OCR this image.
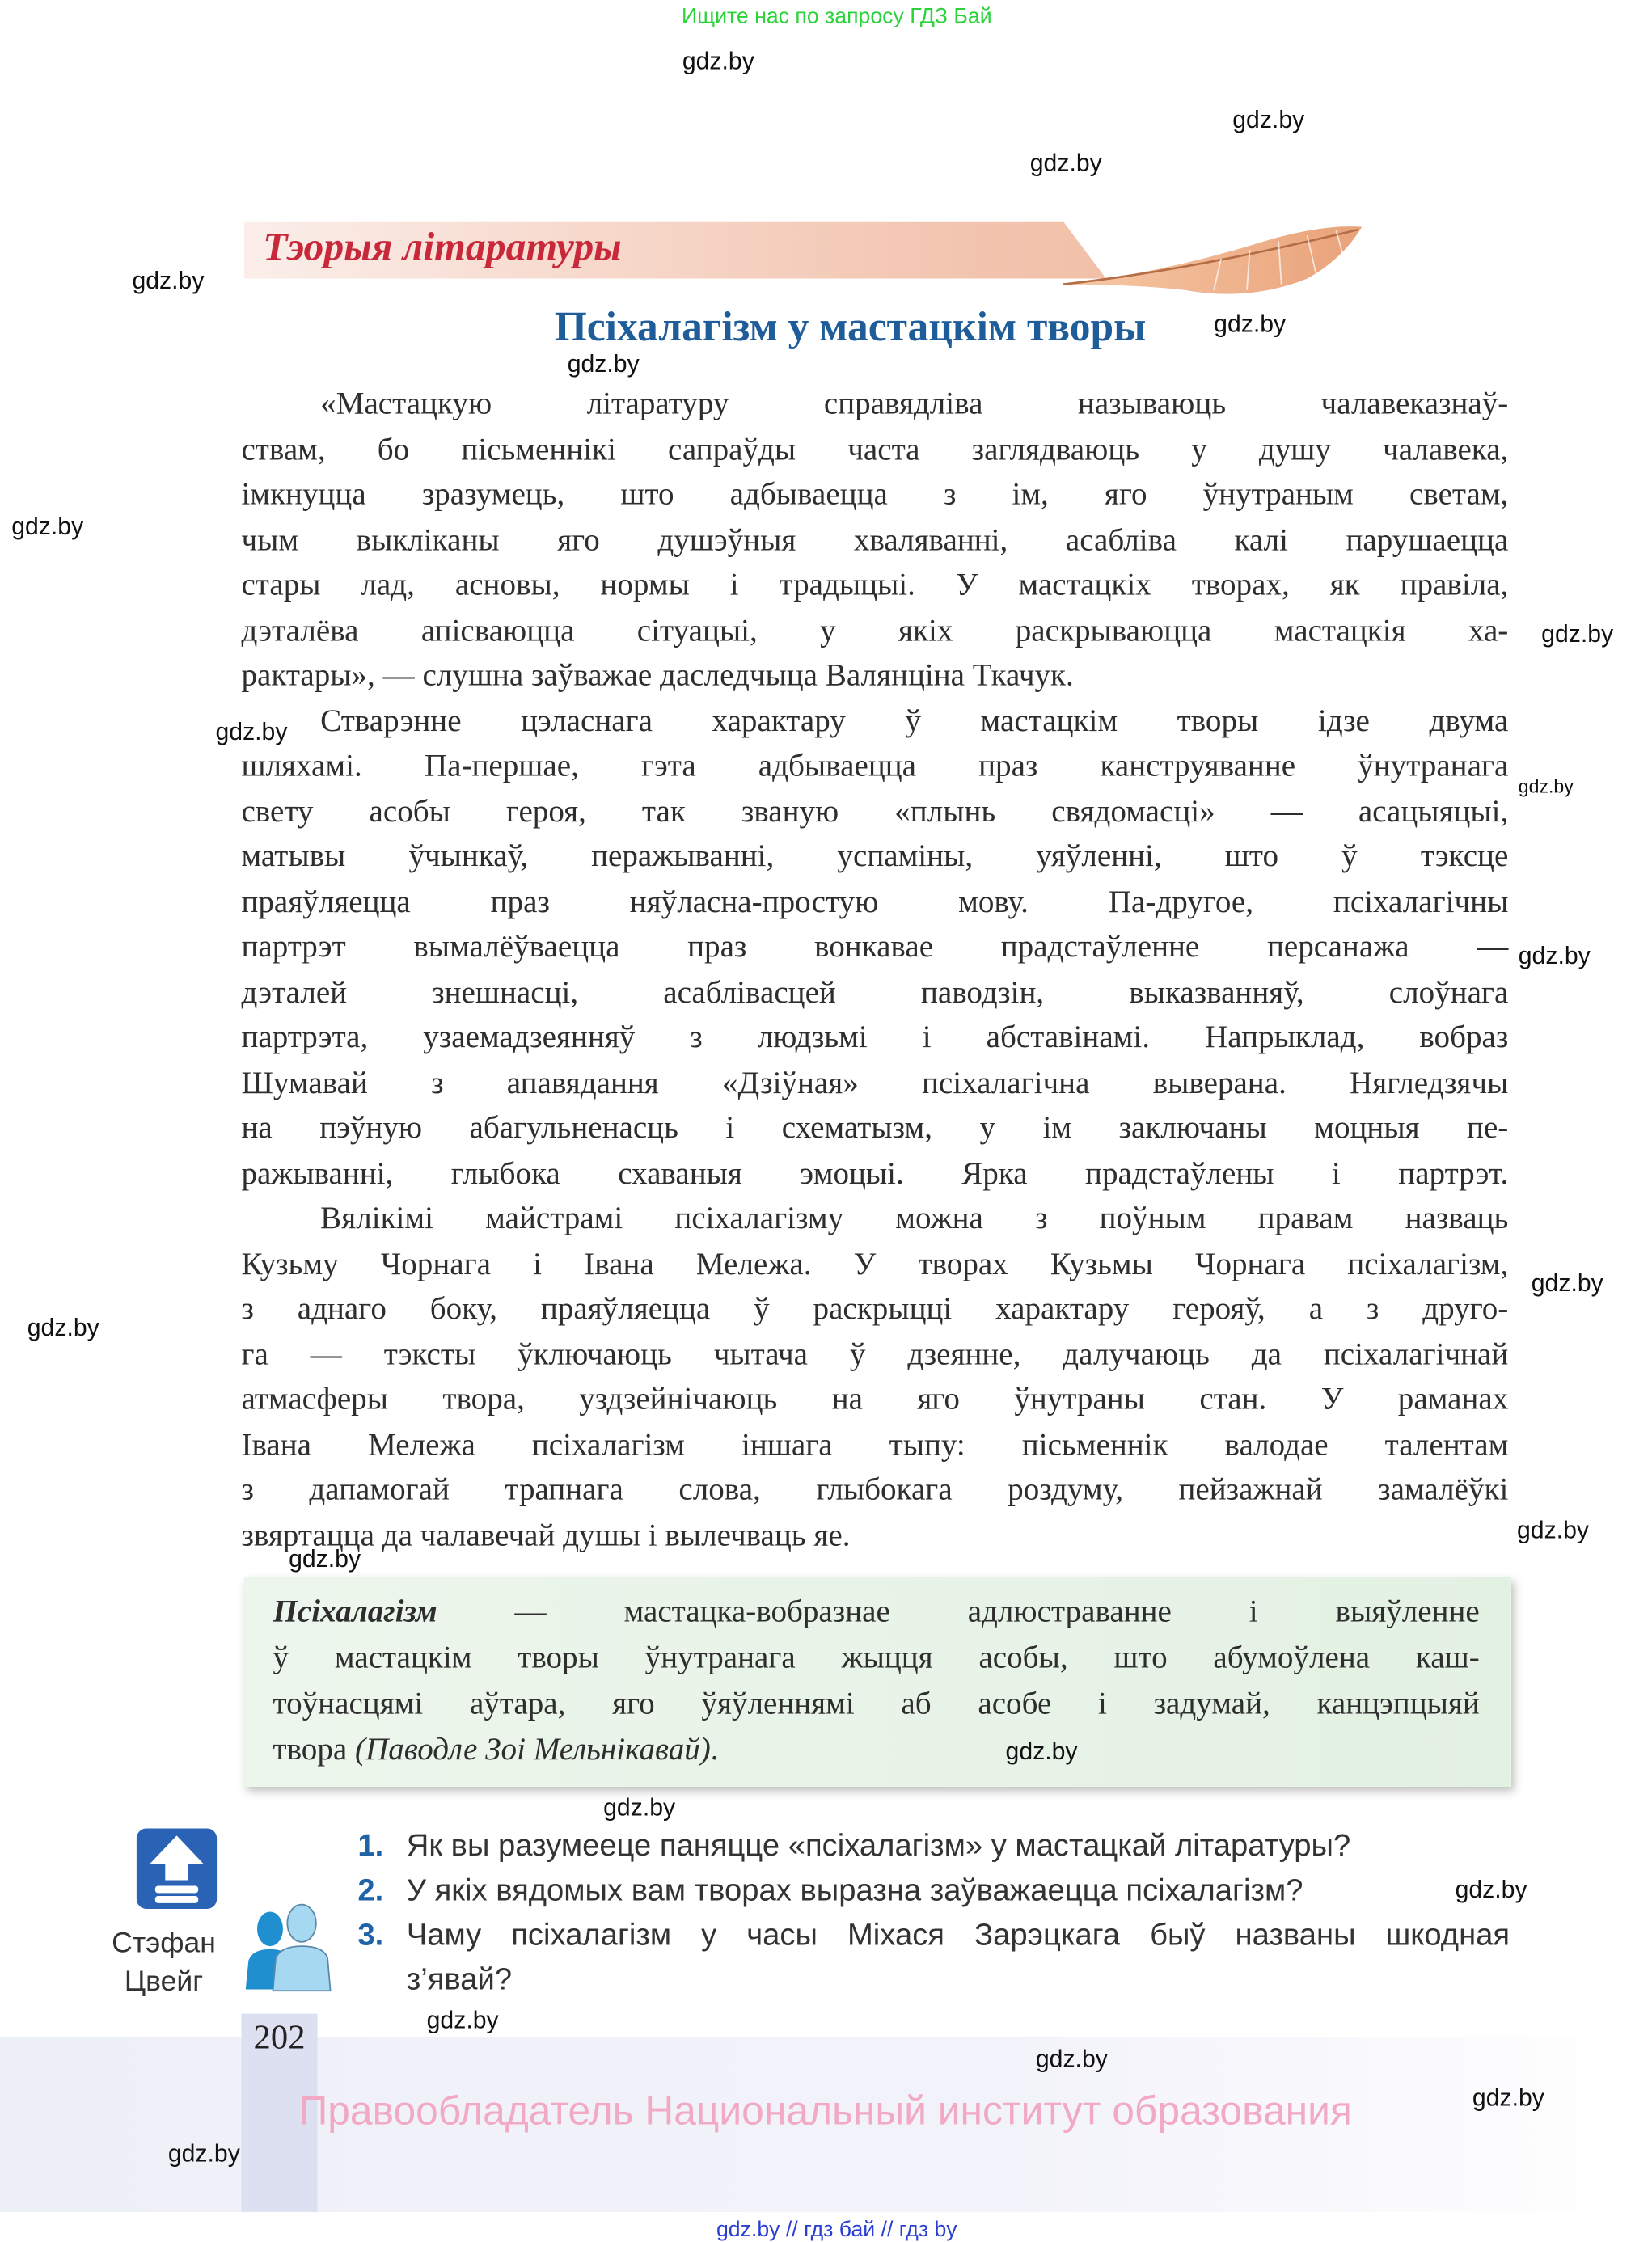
Ищите нас по запросу ГДЗ Бай
Тэорыя літаратуры
Псіхалагізм у мастацкім творы
«Мастацкую літаратуру справядліва называюць чалавеказнаў-
ствам, бо пісьменнікі сапраўды часта заглядваюць у душу чалавека,
імкнуцца зразумець, што адбываецца з ім, яго ўнутраным светам,
чым выкліканы яго душэўныя хваляванні, асабліва калі парушаецца
стары лад, асновы, нормы і традыцыі. У мастацкіх творах, як правіла,
дэталёва апісваюцца сітуацыі, у якіх раскрываюцца мастацкія ха-
рактары», — слушна заўважае даследчыца Валянціна Ткачук.
Стварэнне цэласнага характару ў мастацкім творы ідзе двума
шляхамі. Па-першае, гэта адбываецца праз канструяванне ўнутранага
свету асобы героя, так званую «плынь свядомасці» — асацыяцыі,
матывы ўчынкаў, перажыванні, успаміны, уяўленні, што ў тэксце
праяўляецца праз няўласна-простую мову. Па-другое, псіхалагічны
партрэт вымалёўваецца праз вонкавае прадстаўленне персанажа —
дэталей знешнасці, асаблівасцей паводзін, выказванняў, слоўнага
партрэта, узаемадзеянняў з людзьмі і абставінамі. Напрыклад, вобраз
Шумавай з апавядання «Дзіўная» псіхалагічна выверана. Нягледзячы
на пэўную абагульненасць і схематызм, у ім заключаны моцныя пе-
ражыванні, глыбока схаваныя эмоцыі. Ярка прадстаўлены і партрэт.
Вялікімі майстрамі псіхалагізму можна з поўным правам назваць
Кузьму Чорнага і Івана Мележа. У творах Кузьмы Чорнага псіхалагізм,
з аднаго боку, праяўляецца ў раскрыцці характару герояў, а з друго-
га — тэксты ўключаюць чытача ў дзеянне, далучаюць да псіхалагічнай
атмасферы твора, уздзейнічаюць на яго ўнутраны стан. У раманах
Івана Мележа псіхалагізм іншага тыпу: пісьменнік валодае талентам
з дапамогай трапнага слова, глыбокага роздуму, пейзажнай замалёўкі
звяртацца да чалавечай душы і вылечваць яе.
Псіхалагізм — мастацка-вобразнае адлюстраванне і выяўленне
ў мастацкім творы ўнутранага жыцця асобы, што абумоўлена каш-
тоўнасцямі аўтара, яго ўяўленнямі аб асобе і задумай, канцэпцыяй
твора (Паводле Зоі Мельнікавай).
Стэфан
Цвейг
1. Як вы разумееце паняцце «псіхалагізм» у мастацкай літаратуры?
2. У якіх вядомых вам творах выразна заўважаецца псіхалагізм?
3.	Чаму псіхалагізм у часы Міхася Зарэцкага быў названы шкодная
з’явай?
202
Правообладатель Национальный институт образования
gdz.by // гдз бай // гдз by
gdz.by
gdz.by
gdz.by
gdz.by
gdz.by
gdz.by
gdz.by
gdz.by
gdz.by
gdz.by
gdz.by
gdz.by
gdz.by
gdz.by
gdz.by
gdz.by
gdz.by
gdz.by
gdz.by
gdz.by
gdz.by
gdz.by
